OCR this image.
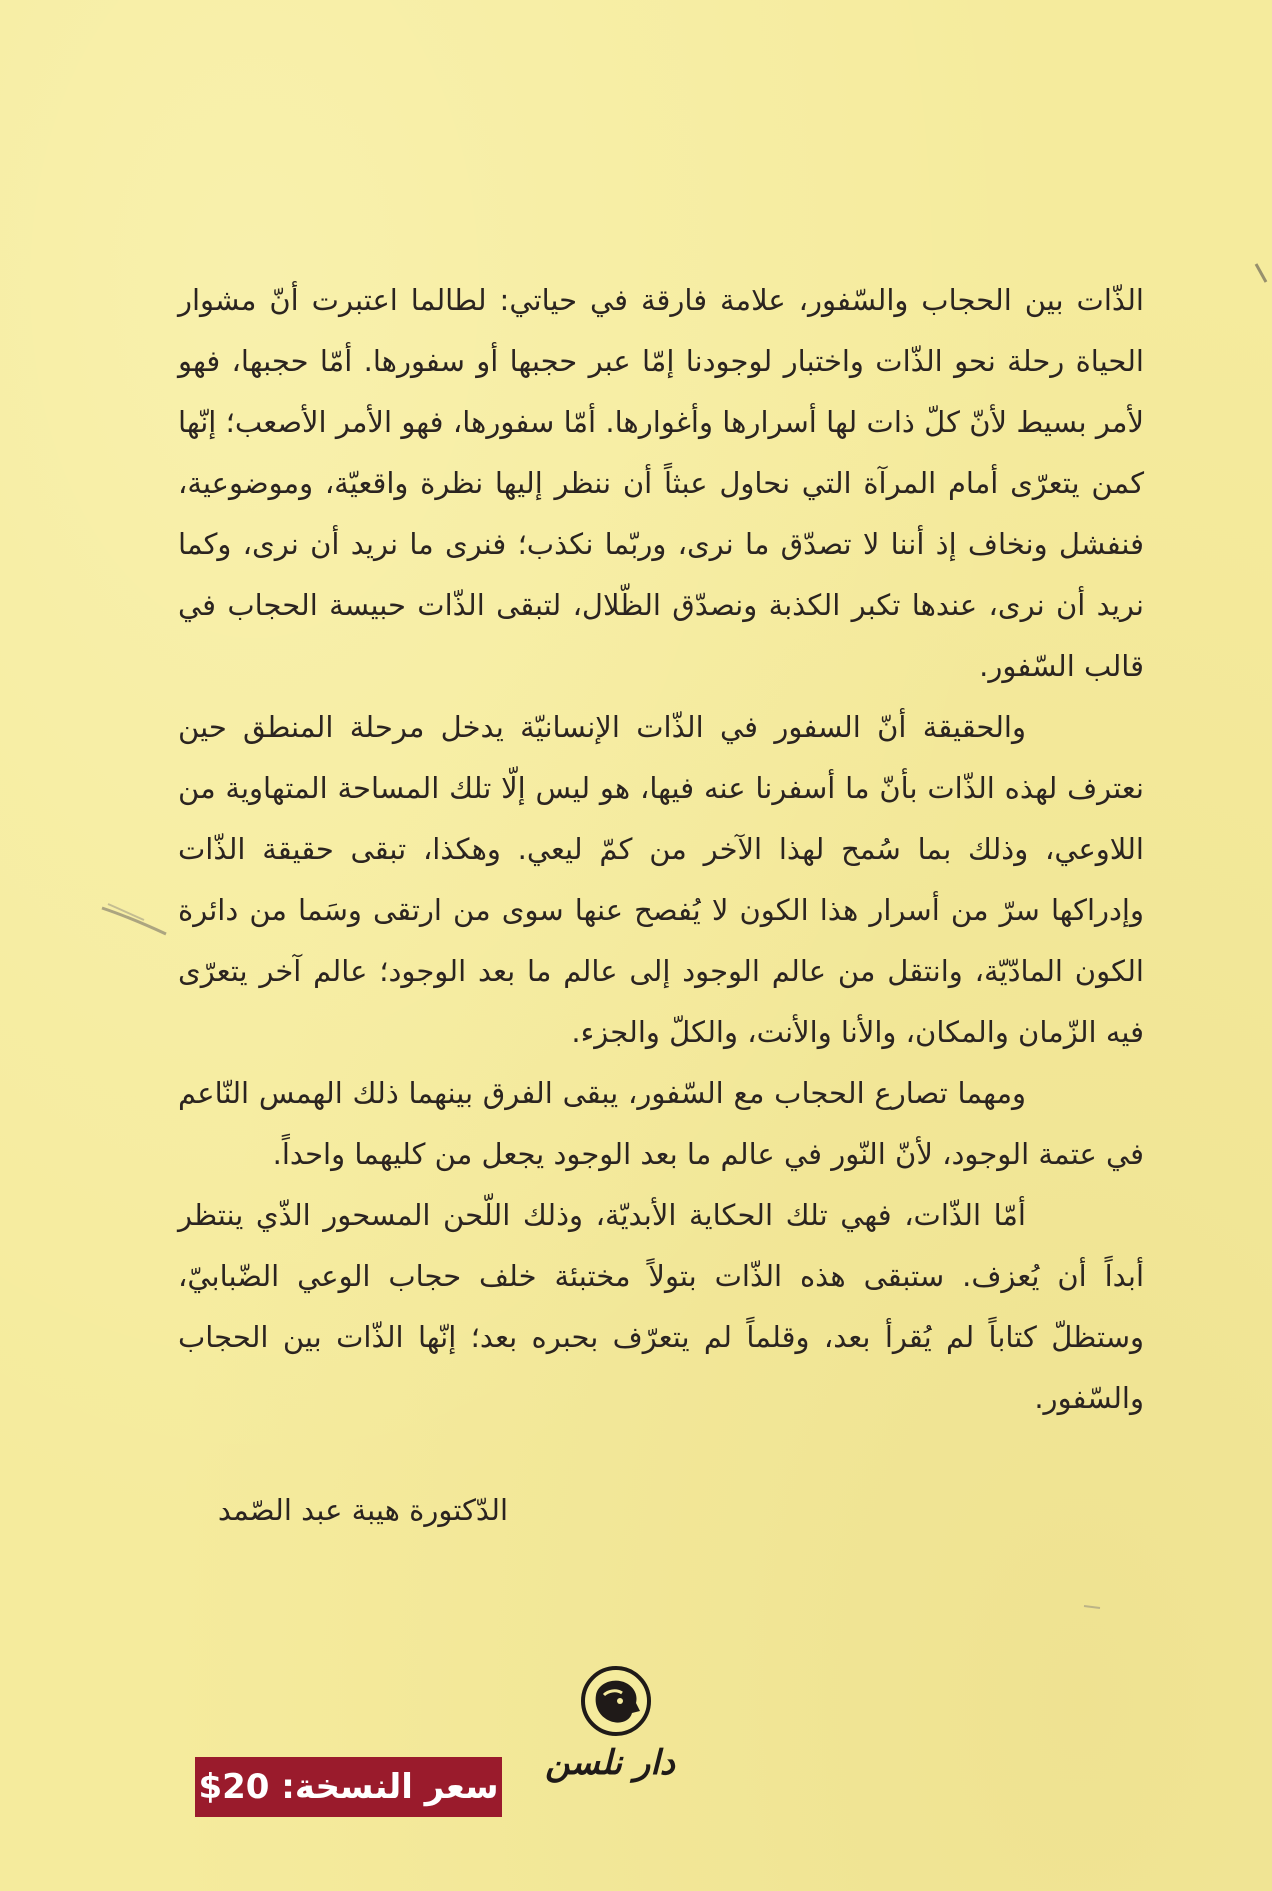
الذّات بين الحجاب والسّفور، علامة فارقة في حياتي: لطالما اعتبرت أنّ مشوار الحياة رحلة نحو الذّات واختبار لوجودنا إمّا عبر حجبها أو سفورها. أمّا حجبها، فهو لأمر بسيط لأنّ كلّ ذات لها أسرارها وأغوارها. أمّا سفورها، فهو الأمر الأصعب؛ إنّها كمن يتعرّى أمام المرآة التي نحاول عبثاً أن ننظر إليها نظرة واقعيّة، وموضوعية، فنفشل ونخاف إذ أننا لا تصدّق ما نرى، وربّما نكذب؛ فنرى ما نريد أن نرى، وكما نريد أن نرى، عندها تكبر الكذبة ونصدّق الظّلال، لتبقى الذّات حبيسة الحجاب في قالب السّفور.

والحقيقة أنّ السفور في الذّات الإنسانيّة يدخل مرحلة المنطق حين نعترف لهذه الذّات بأنّ ما أسفرنا عنه فيها، هو ليس إلّا تلك المساحة المتهاوية من اللاوعي، وذلك بما سُمح لهذا الآخر من كمّ ليعي. وهكذا، تبقى حقيقة الذّات وإدراكها سرّ من أسرار هذا الكون لا يُفصح عنها سوى من ارتقى وسَما من دائرة الكون المادّيّة، وانتقل من عالم الوجود إلى عالم ما بعد الوجود؛ عالم آخر يتعرّى فيه الزّمان والمكان، والأنا والأنت، والكلّ والجزء.

ومهما تصارع الحجاب مع السّفور، يبقى الفرق بينهما ذلك الهمس النّاعم في عتمة الوجود، لأنّ النّور في عالم ما بعد الوجود يجعل من كليهما واحداً.

أمّا الذّات، فهي تلك الحكاية الأبديّة، وذلك اللّحن المسحور الذّي ينتظر أبداً أن يُعزف. ستبقى هذه الذّات بتولاً مختبئة خلف حجاب الوعي الضّبابيّ، وستظلّ كتاباً لم يُقرأ بعد، وقلماً لم يتعرّف بحبره بعد؛ إنّها الذّات بين الحجاب والسّفور.

الدّكتورة هيبة عبد الصّمد
دار نلسن
سعر النسخة: 20$
